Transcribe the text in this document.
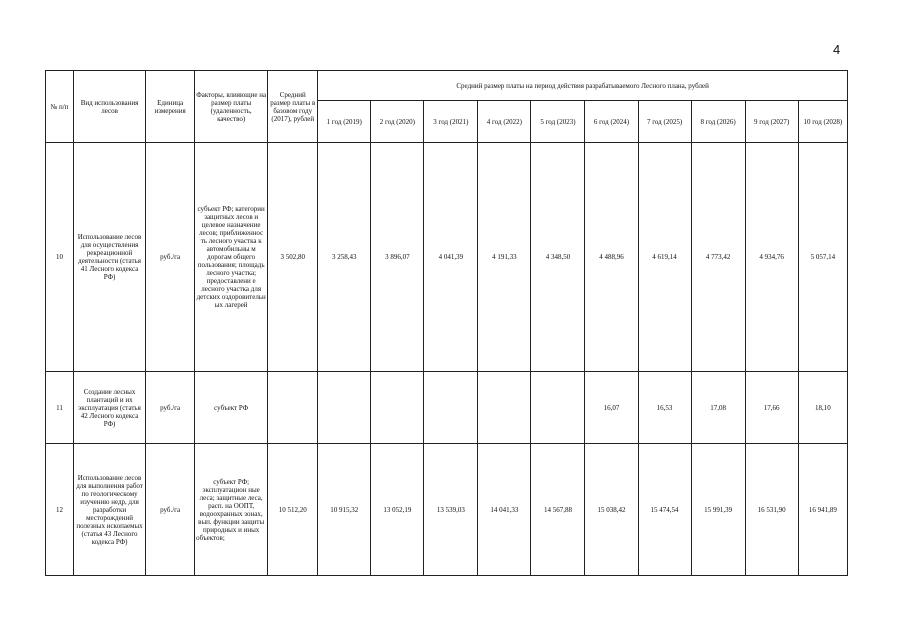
4
№ п/п	Вид использования лесов	Единица измерения	Факторы, влияющие на размер платы (удаленность, качество)	Средний размер платы в базовом году (2017), рублей	Средний размер платы на период действия разрабатываемого Лесного плана, рублей									
					1 год (2019)	2 год (2020)	3 год (2021)	4 год (2022)	5 год (2023)	6 год (2024)	7 год (2025)	8 год (2026)	9 год (2027)	10 год (2028)
10	Использование лесов для осуществления рекреационной деятельности (статья 41 Лесного кодекса РФ)	руб./га	субъект РФ; категории защитных лесов и целевое назначение лесов; приближеннос ть лесного участка к автомобильны м дорогам общего пользования; площадь лесного участка; предоставлени е лесного участка для детских оздоровительн ых лагерей	3 502,80	3 258,43	3 896,07	4 041,39	4 191,33	4 348,50	4 488,96	4 619,14	4 773,42	4 934,76	5 057,14
11	Создание лесных плантаций и их эксплуатация (статья 42 Лесного кодекса РФ)	руб./га	субъект РФ							16,07	16,53	17,08	17,66	18,10
12	Использование лесов для выполнения работ по геологическому изучению недр, для разработки месторождений полезных ископаемых (статья 43 Лесного кодекса РФ)	руб./га	субъект РФ; эксплуатацион ные леса; защитные леса, расп. на ООПТ, водоохранных зонах, вып. функции защиты природных и иных объектов;	10 512,20	10 915,32	13 052,19	13 539,03	14 041,33	14 567,88	15 038,42	15 474,54	15 991,39	16 531,90	16 941,89
